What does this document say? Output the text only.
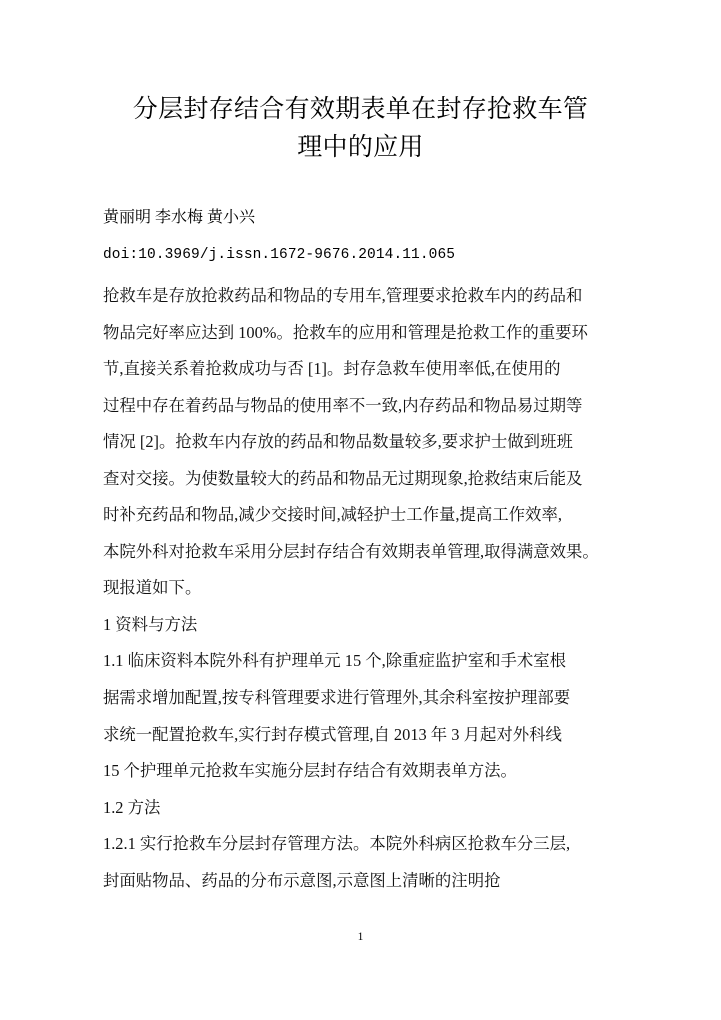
分层封存结合有效期表单在封存抢救车管
理中的应用
黄丽明 李水梅 黄小兴
doi:10.3969/j.issn.1672-9676.2014.11.065
抢救车是存放抢救药品和物品的专用车,管理要求抢救车内的药品和
物品完好率应达到 100%。抢救车的应用和管理是抢救工作的重要环
节,直接关系着抢救成功与否 [1]。封存急救车使用率低,在使用的
过程中存在着药品与物品的使用率不一致,内存药品和物品易过期等
情况 [2]。抢救车内存放的药品和物品数量较多,要求护士做到班班
查对交接。为使数量较大的药品和物品无过期现象,抢救结束后能及
时补充药品和物品,减少交接时间,减轻护士工作量,提高工作效率,
本院外科对抢救车采用分层封存结合有效期表单管理,取得满意效果。
现报道如下。
1 资料与方法
1.1 临床资料本院外科有护理单元 15 个,除重症监护室和手术室根
据需求增加配置,按专科管理要求进行管理外,其余科室按护理部要
求统一配置抢救车,实行封存模式管理,自 2013 年 3 月起对外科线
15 个护理单元抢救车实施分层封存结合有效期表单方法。
1.2 方法
1.2.1 实行抢救车分层封存管理方法。本院外科病区抢救车分三层,
封面贴物品、药品的分布示意图,示意图上清晰的注明抢
1
